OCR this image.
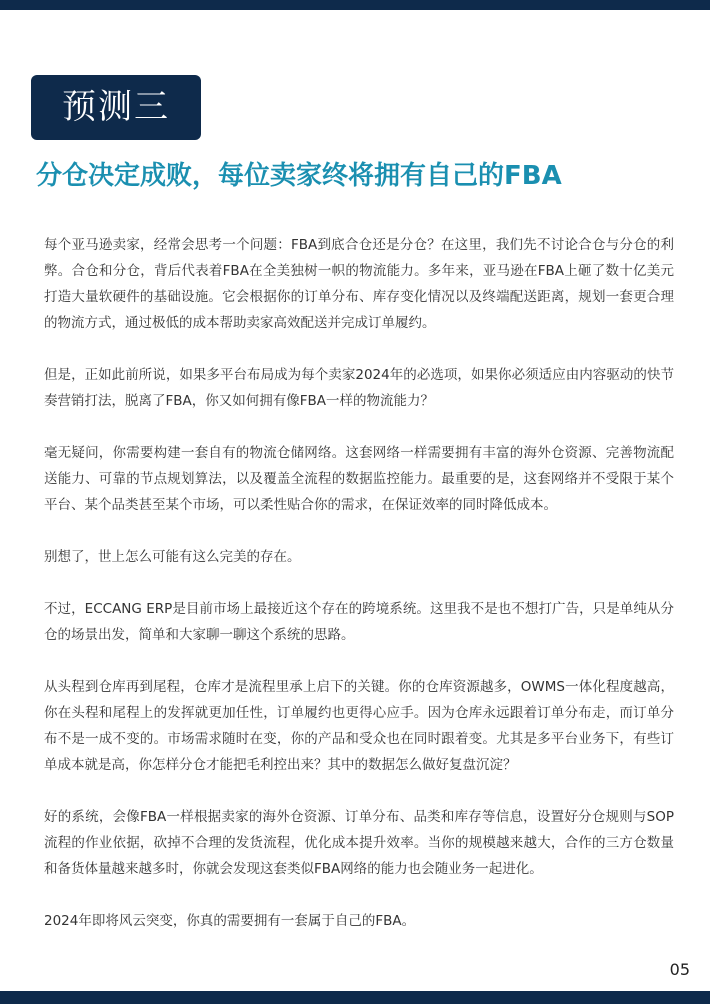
预测三
分仓决定成败，每位卖家终将拥有自己的FBA

每个亚马逊卖家，经常会思考一个问题：FBA到底合仓还是分仓？在这里，我们先不讨论合仓与分仓的利弊。合仓和分仓，背后代表着FBA在全美独树一帜的物流能力。多年来，亚马逊在FBA上砸了数十亿美元打造大量软硬件的基础设施。它会根据你的订单分布、库存变化情况以及终端配送距离，规划一套更合理的物流方式，通过极低的成本帮助卖家高效配送并完成订单履约。

但是，正如此前所说，如果多平台布局成为每个卖家2024年的必选项，如果你必须适应由内容驱动的快节奏营销打法，脱离了FBA，你又如何拥有像FBA一样的物流能力？

毫无疑问，你需要构建一套自有的物流仓储网络。这套网络一样需要拥有丰富的海外仓资源、完善物流配送能力、可靠的节点规划算法，以及覆盖全流程的数据监控能力。最重要的是，这套网络并不受限于某个平台、某个品类甚至某个市场，可以柔性贴合你的需求，在保证效率的同时降低成本。

别想了，世上怎么可能有这么完美的存在。

不过，ECCANG ERP是目前市场上最接近这个存在的跨境系统。这里我不是也不想打广告，只是单纯从分仓的场景出发，简单和大家聊一聊这个系统的思路。

从头程到仓库再到尾程，仓库才是流程里承上启下的关键。你的仓库资源越多，OWMS一体化程度越高，你在头程和尾程上的发挥就更加任性，订单履约也更得心应手。因为仓库永远跟着订单分布走，而订单分布不是一成不变的。市场需求随时在变，你的产品和受众也在同时跟着变。尤其是多平台业务下，有些订单成本就是高，你怎样分仓才能把毛利控出来？其中的数据怎么做好复盘沉淀？

好的系统，会像FBA一样根据卖家的海外仓资源、订单分布、品类和库存等信息，设置好分仓规则与SOP流程的作业依据，砍掉不合理的发货流程，优化成本提升效率。当你的规模越来越大，合作的三方仓数量和备货体量越来越多时，你就会发现这套类似FBA网络的能力也会随业务一起进化。

2024年即将风云突变，你真的需要拥有一套属于自己的FBA。

05
